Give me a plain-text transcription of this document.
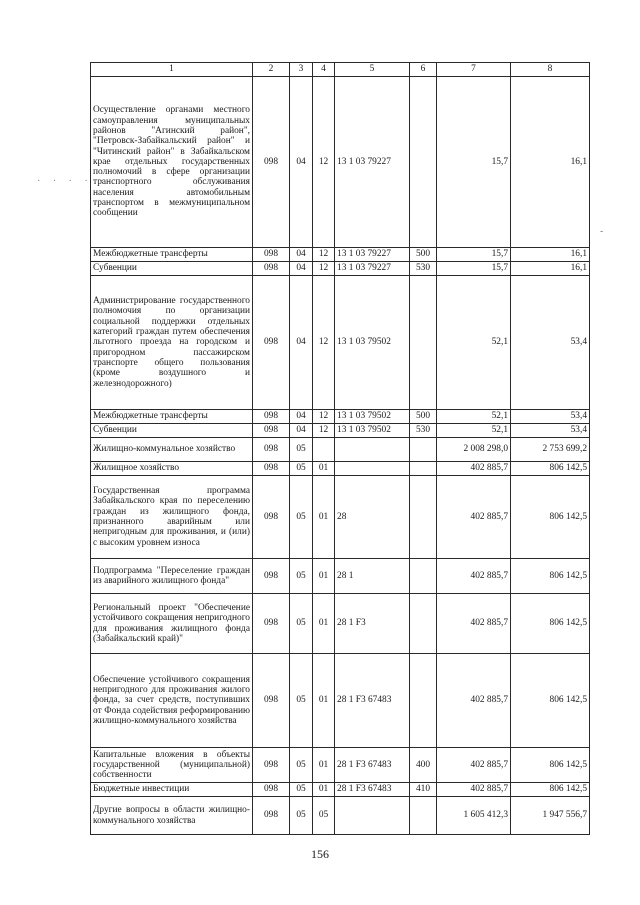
· · · · ·
-
1	2	3	4	5	6	7	8
Осуществление органами местного самоуправления муниципальных районов "Агинский район", "Петровск-Забайкальский район" и "Читинский район" в Забайкальском крае отдельных государственных полномочий в сфере организации транспортного обслуживания населения автомобильным транспортом в межмуниципальном сообщении	098	04	12	13 1 03 79227		15,7	16,1
Межбюджетные трансферты	098	04	12	13 1 03 79227	500	15,7	16,1
Субвенции	098	04	12	13 1 03 79227	530	15,7	16,1
Администрирование государственного полномочия по организации социальной поддержки отдельных категорий граждан путем обеспечения льготного проезда на городском и пригородном пассажирском транспорте общего пользования (кроме воздушного и железнодорожного)	098	04	12	13 1 03 79502		52,1	53,4
Межбюджетные трансферты	098	04	12	13 1 03 79502	500	52,1	53,4
Субвенции	098	04	12	13 1 03 79502	530	52,1	53,4
Жилищно-коммунальное хозяйство	098	05				2 008 298,0	2 753 699,2
Жилищное хозяйство	098	05	01			402 885,7	806 142,5
Государственная программа Забайкальского края по переселению граждан из жилищного фонда, признанного аварийным или непригодным для проживания, и (или) с высоким уровнем износа	098	05	01	28		402 885,7	806 142,5
Подпрограмма "Переселение граждан из аварийного жилищного фонда"	098	05	01	28 1		402 885,7	806 142,5
Региональный проект "Обеспечение устойчивого сокращения непригодного для проживания жилищного фонда (Забайкальский край)"	098	05	01	28 1 F3		402 885,7	806 142,5
Обеспечение устойчивого сокращения непригодного для проживания жилого фонда, за счет средств, поступивших от Фонда содействия реформированию жилищно-коммунального хозяйства	098	05	01	28 1 F3 67483		402 885,7	806 142,5
Капитальные вложения в объекты государственной (муниципальной) собственности	098	05	01	28 1 F3 67483	400	402 885,7	806 142,5
Бюджетные инвестиции	098	05	01	28 1 F3 67483	410	402 885,7	806 142,5
Другие вопросы в области жилищно-коммунального хозяйства	098	05	05			1 605 412,3	1 947 556,7
156
